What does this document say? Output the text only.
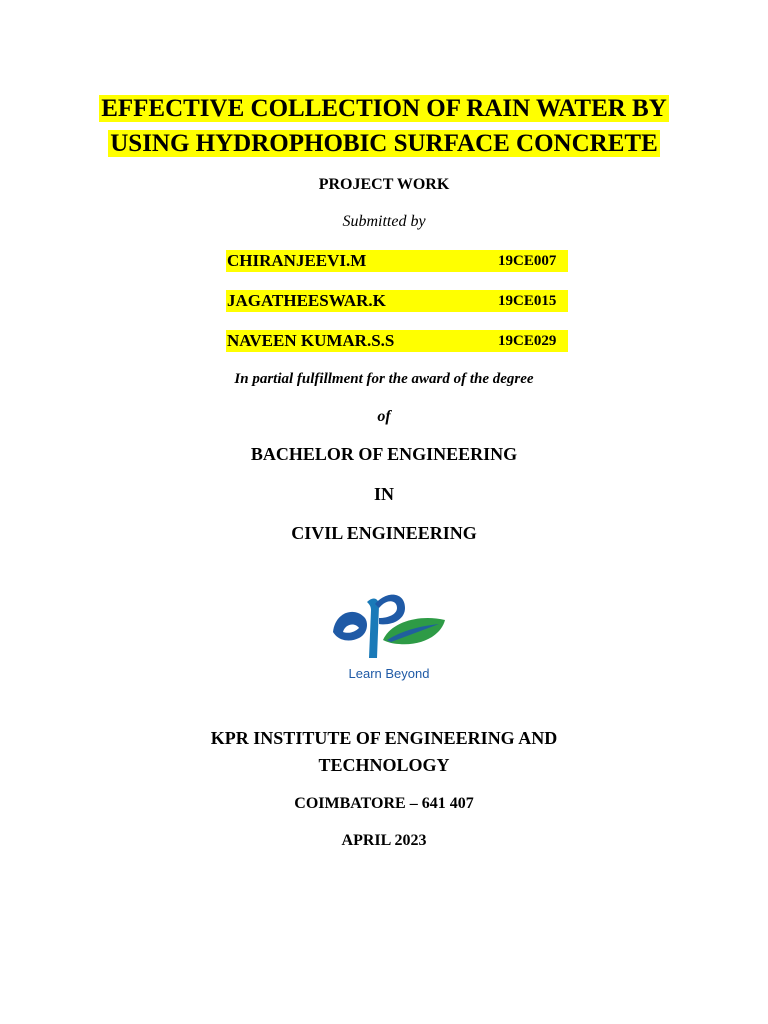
EFFECTIVE COLLECTION OF RAIN WATER BY
USING HYDROPHOBIC SURFACE CONCRETE
PROJECT WORK
Submitted by
CHIRANJEEVI.M	19CE007
JAGATHEESWAR.K	19CE015
NAVEEN KUMAR.S.S	19CE029
In partial fulfillment for the award of the degree
of
BACHELOR OF ENGINEERING
IN
CIVIL ENGINEERING
Learn Beyond
KPR INSTITUTE OF ENGINEERING AND
TECHNOLOGY
COIMBATORE – 641 407
APRIL 2023
